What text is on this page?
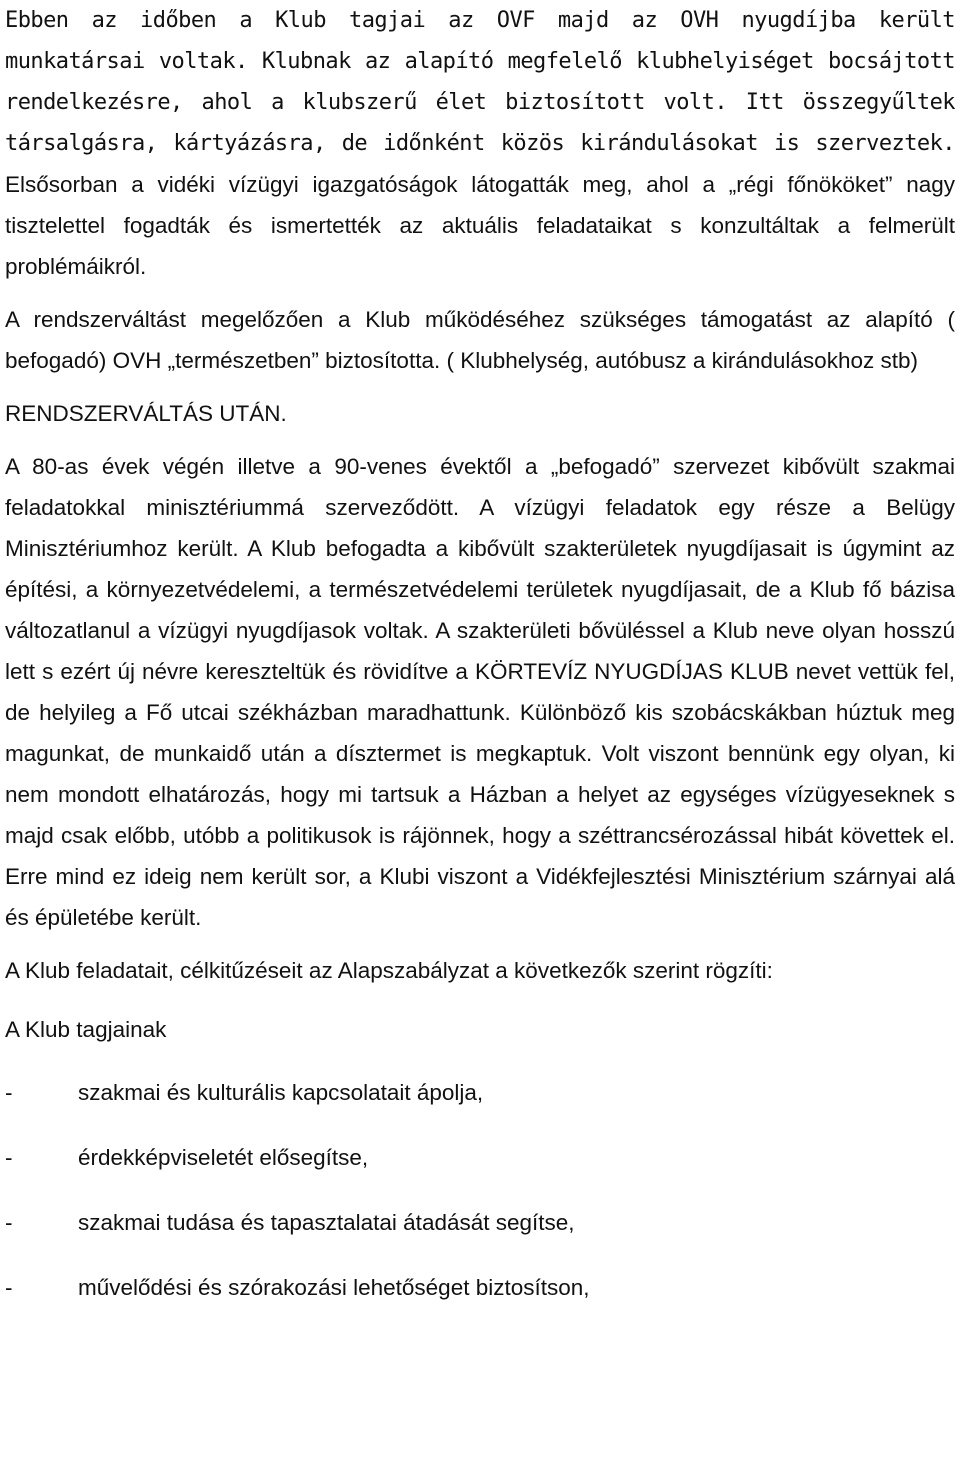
Ebben az időben a Klub tagjai az OVF majd az OVH nyugdíjba került munkatársai voltak. Klubnak az alapító megfelelő klubhelyiséget bocsájtott rendelkezésre, ahol a klubszerű élet biztosított volt. Itt összegyűltek társalgásra, kártyázásra, de időnként közös kirándulásokat is szerveztek. Elsősorban a vidéki vízügyi igazgatóságok látogatták meg, ahol a „régi főnököket” nagy tisztelettel fogadták és ismertették az aktuális feladataikat s konzultáltak a felmerült problémáikról.

A rendszerváltást megelőzően a Klub működéséhez szükséges támogatást az alapító ( befogadó) OVH „természetben” biztosította. ( Klubhelység, autóbusz a kirándulásokhoz stb)

RENDSZERVÁLTÁS UTÁN.

A 80-as évek végén illetve a 90-venes évektől a „befogadó” szervezet kibővült szakmai feladatokkal minisztériummá szerveződött. A vízügyi feladatok egy része a Belügy Minisztériumhoz került. A Klub befogadta a kibővült szakterületek nyugdíjasait is úgymint az építési, a környezetvédelemi, a természetvédelemi területek nyugdíjasait, de a Klub fő bázisa változatlanul a vízügyi nyugdíjasok voltak. A szakterületi bővüléssel a Klub neve olyan hosszú lett s ezért új névre kereszteltük és rövidítve a KÖRTEVÍZ NYUGDÍJAS KLUB nevet vettük fel, de helyileg a Fő utcai székházban maradhattunk. Különböző kis szobácskákban húztuk meg magunkat, de munkaidő után a dísztermet is megkaptuk. Volt viszont bennünk egy olyan, ki nem mondott elhatározás, hogy mi tartsuk a Házban a helyet az egységes vízügyeseknek s majd csak előbb, utóbb a politikusok is rájönnek, hogy a széttrancsérozással hibát követtek el. Erre mind ez ideig nem került sor, a Klubi viszont a Vidékfejlesztési Minisztérium szárnyai alá és épületébe került.

A Klub feladatait, célkitűzéseit az Alapszabályzat a következők szerint rögzíti:

A Klub tagjainak

-	szakmai és kulturális kapcsolatait ápolja,
-	érdekképviseletét elősegítse,
-	szakmai tudása és tapasztalatai átadását segítse,
-	művelődési és szórakozási lehetőséget biztosítson,
